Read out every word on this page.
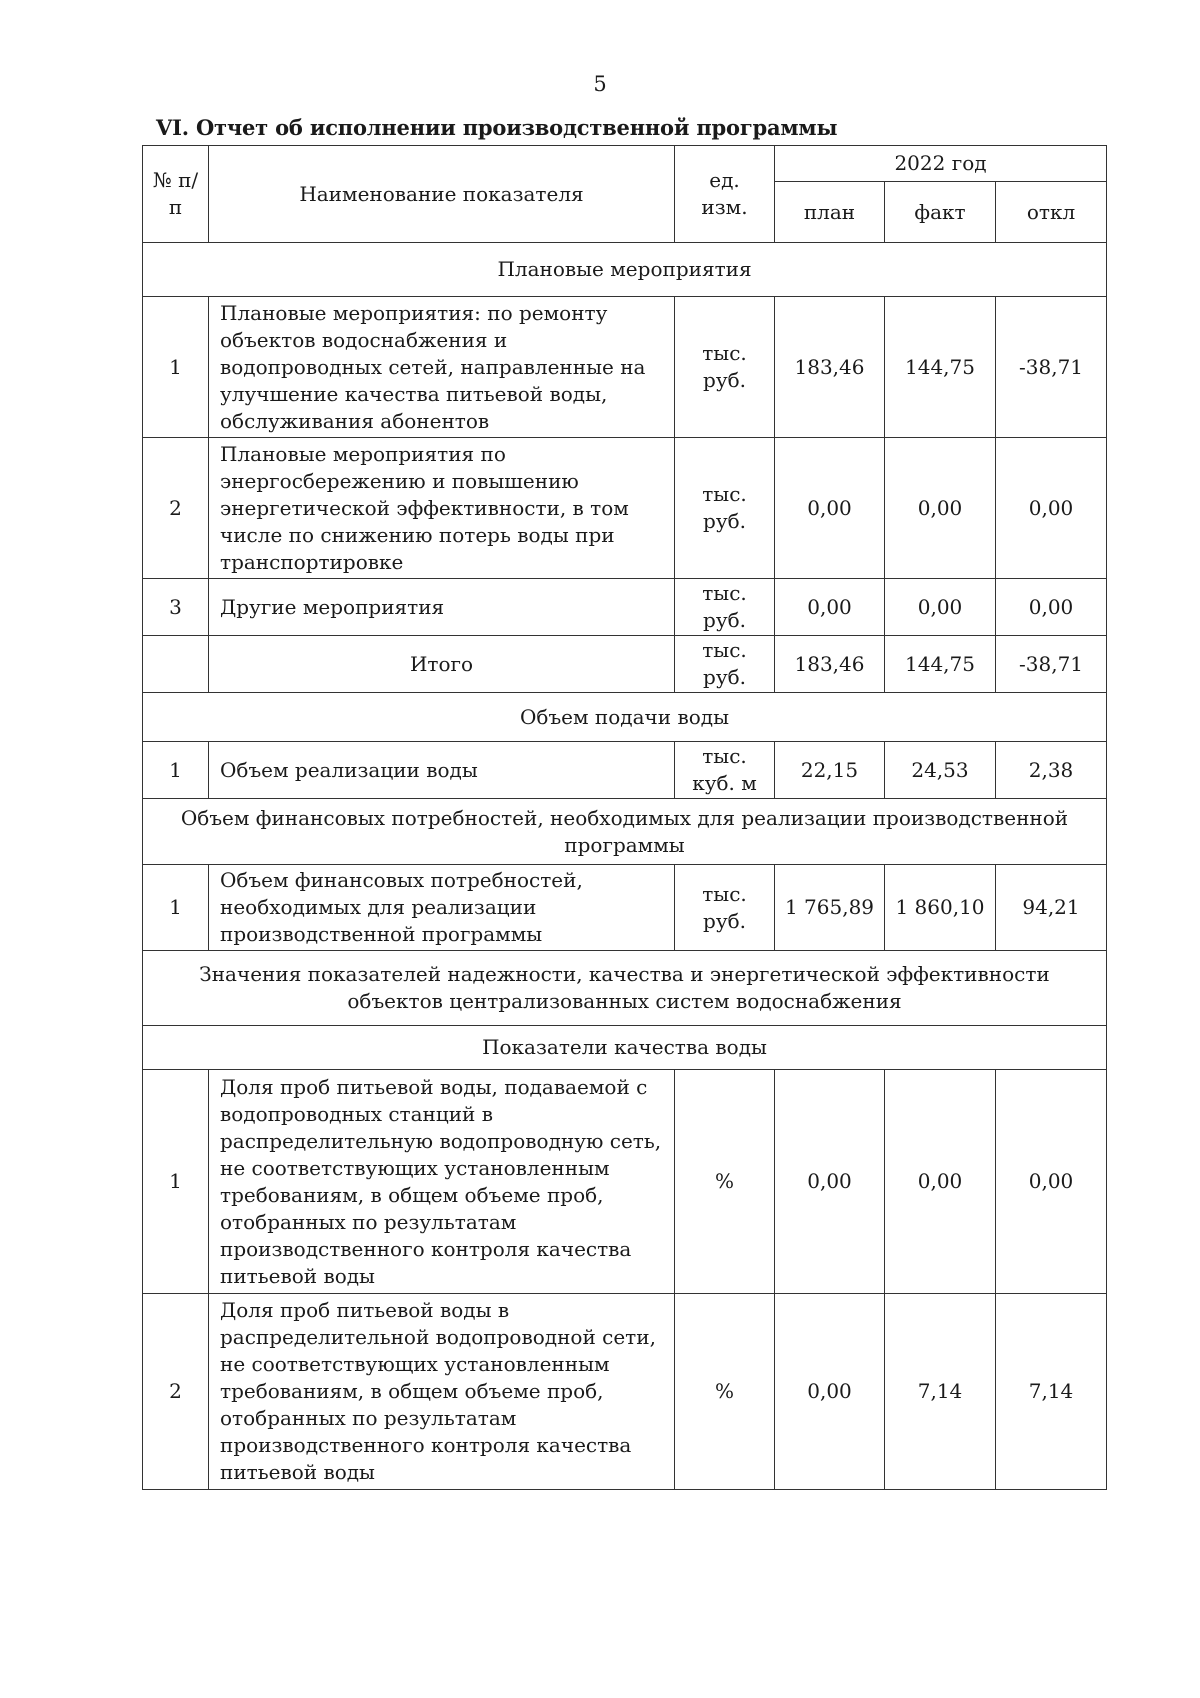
5
VI. Отчет об исполнении производственной программы
№ п/п	Наименование показателя	ед. изм.	2022 год		
			план	факт	откл
Плановые мероприятия					
1	Плановые мероприятия: по ремонту объектов водоснабжения и водопроводных сетей, направленные на улучшение качества питьевой воды, обслуживания абонентов	тыс. руб.	183,46	144,75	-38,71
2	Плановые мероприятия по энергосбережению и повышению энергетической эффективности, в том числе по снижению потерь воды при транспортировке	тыс. руб.	0,00	0,00	0,00
3	Другие мероприятия	тыс. руб.	0,00	0,00	0,00
	Итого	тыс. руб.	183,46	144,75	-38,71
Объем подачи воды					
1	Объем реализации воды	тыс. куб. м	22,15	24,53	2,38
Объем финансовых потребностей, необходимых для реализации производственной программы					
1	Объем финансовых потребностей, необходимых для реализации производственной программы	тыс. руб.	1 765,89	1 860,10	94,21
Значения показателей надежности, качества и энергетической эффективности объектов централизованных систем водоснабжения					
Показатели качества воды					
1	Доля проб питьевой воды, подаваемой с водопроводных станций в распределительную водопроводную сеть, не соответствующих установленным требованиям, в общем объеме проб, отобранных по результатам производственного контроля качества питьевой воды	%	0,00	0,00	0,00
2	Доля проб питьевой воды в распределительной водопроводной сети, не соответствующих установленным требованиям, в общем объеме проб, отобранных по результатам производственного контроля качества питьевой воды	%	0,00	7,14	7,14
